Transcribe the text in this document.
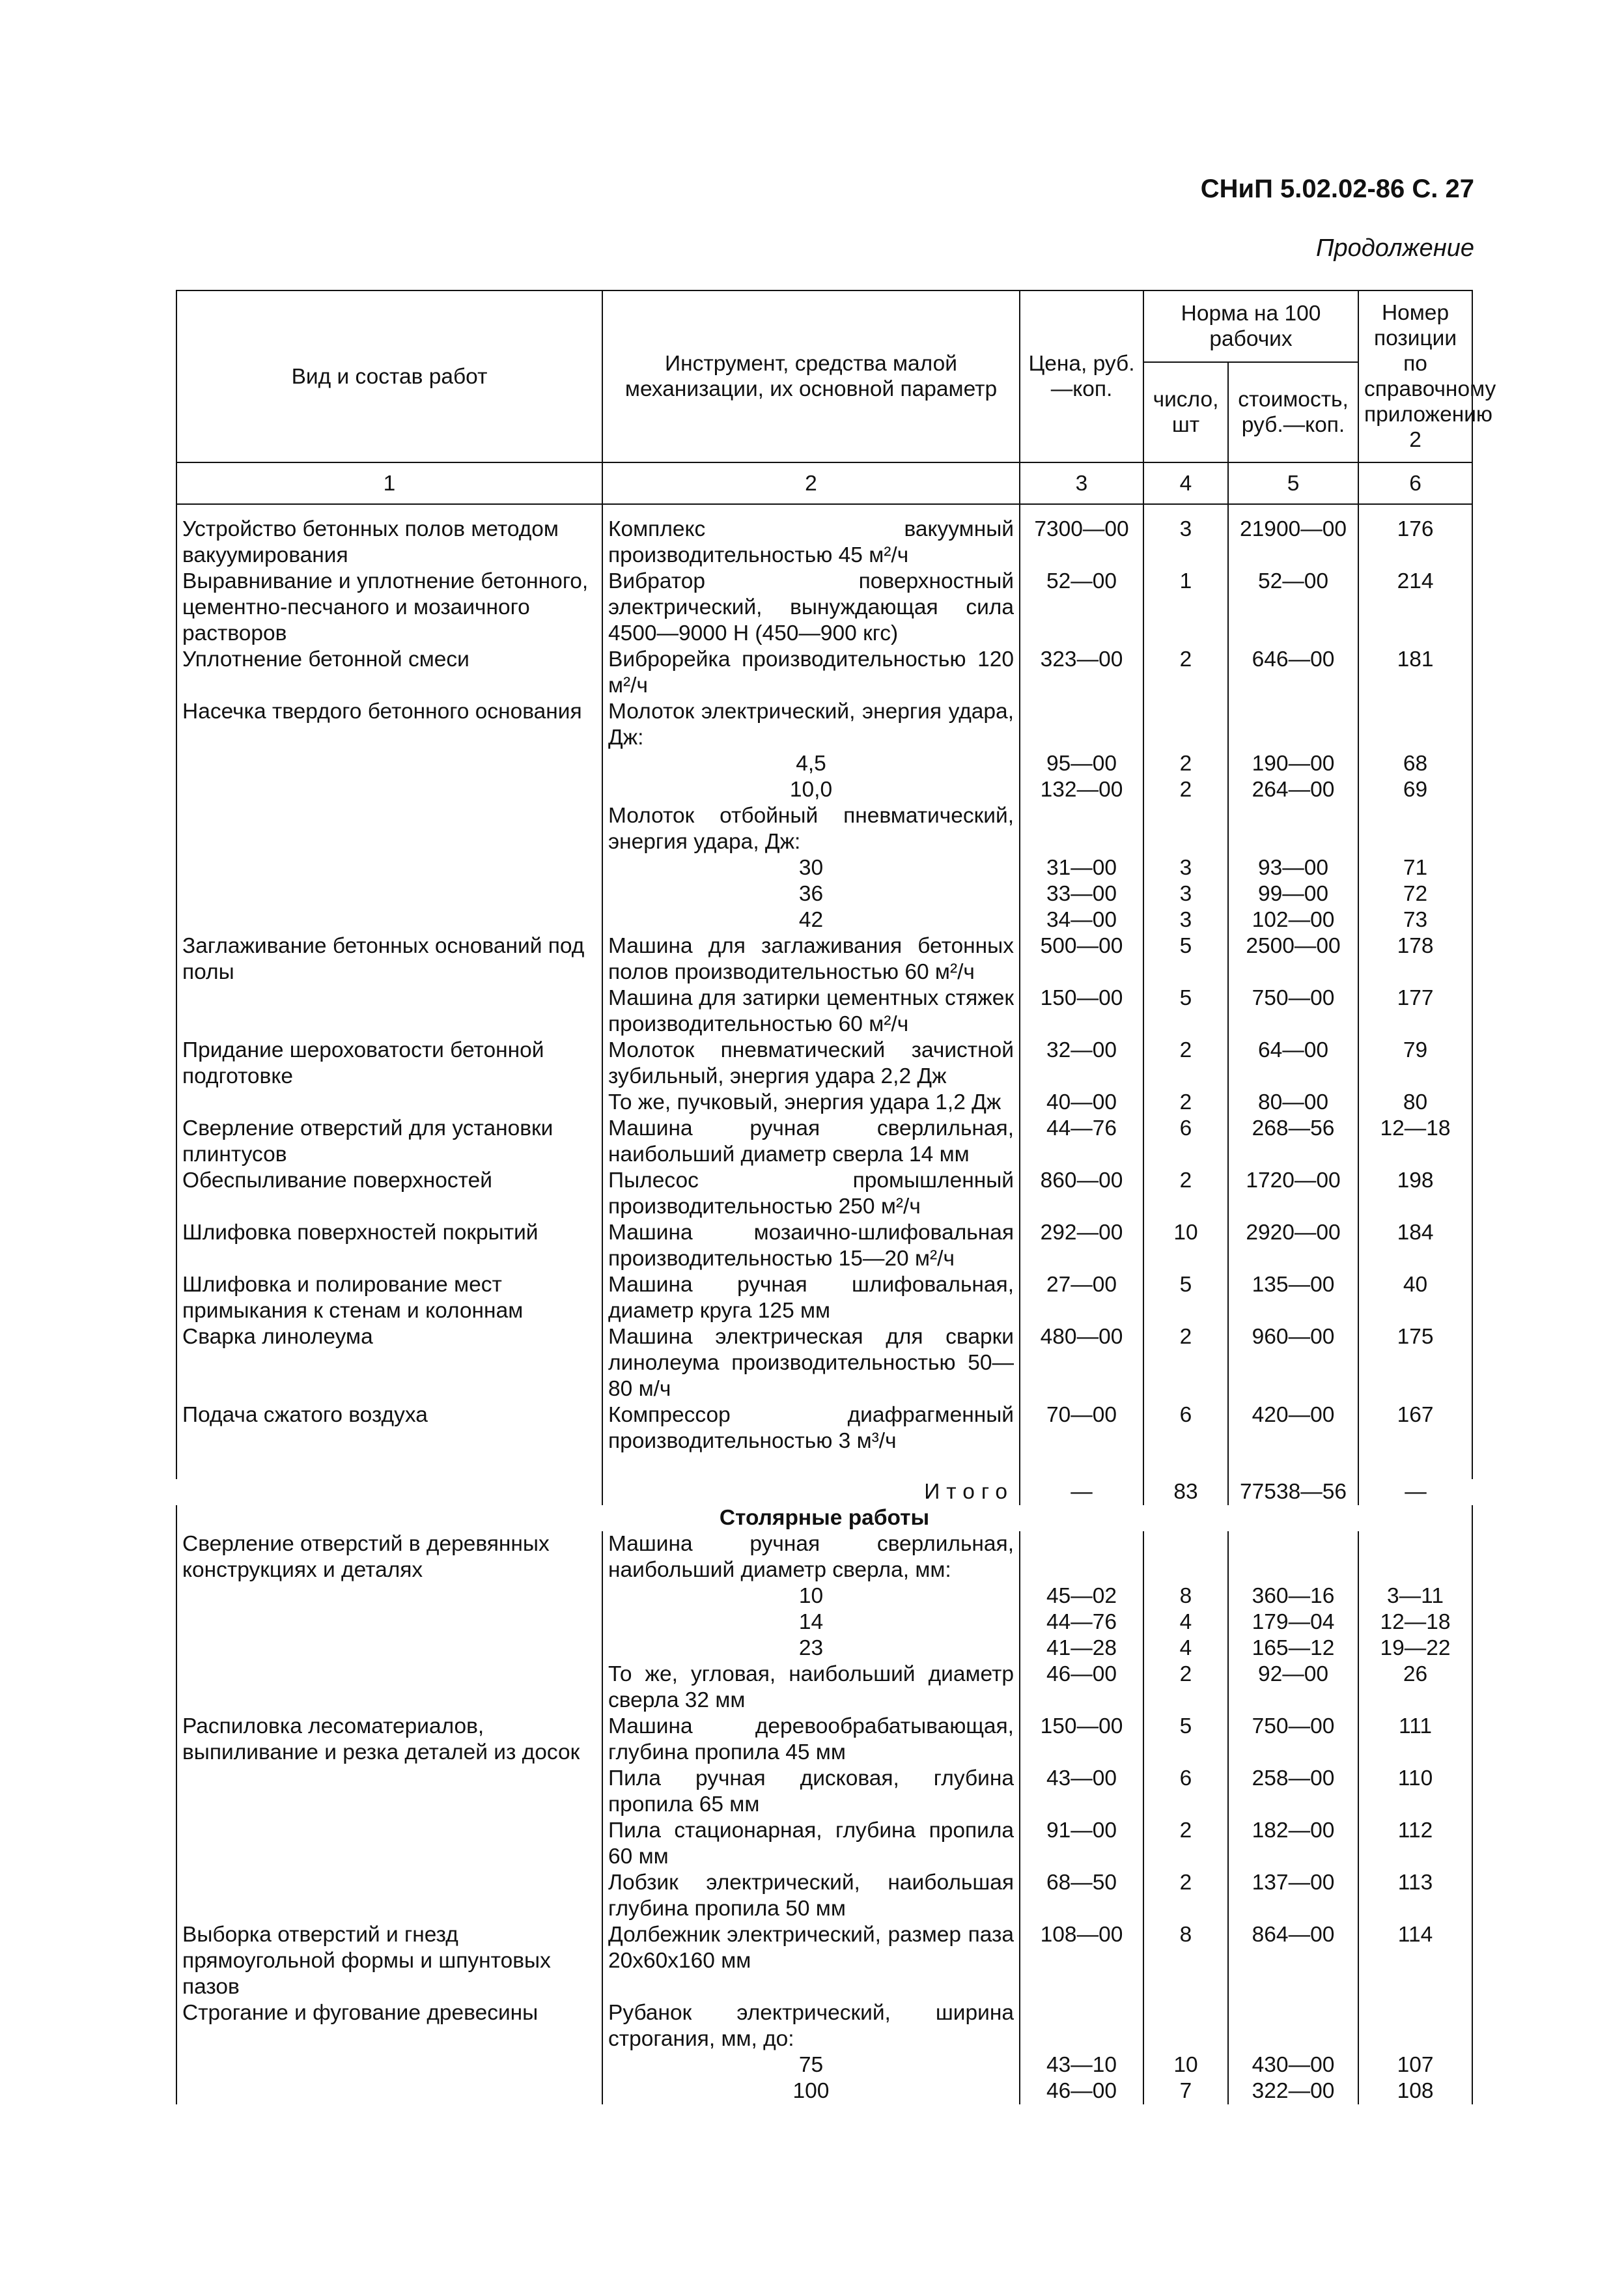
СНиП 5.02.02-86 С. 27
Продолжение
Вид и состав работ	Инструмент, средства малой механизации, их основной параметр	Цена, руб.—коп.	Норма на 100 рабочих		Номер позиции по справочному приложению 2
			число, шт	стоимость, руб.—коп.	
1	2	3	4	5	6

Устройство бетонных полов методом вакуумирования	Комплекс вакуумный производительностью 45 м²/ч	7300—00	3	21900—00	176
Выравнивание и уплотнение бетонного, цементно-песчаного и мозаичного растворов	Вибратор поверхностный электрический, вынуждающая сила 4500—9000 Н (450—900 кгс)	52—00	1	52—00	214
Уплотнение бетонной смеси	Виброрейка производительностью 120 м²/ч	323—00	2	646—00	181
Насечка твердого бетонного основания	Молоток электрический, энергия удара, Дж:				
	4,5	95—00	2	190—00	68
	10,0	132—00	2	264—00	69
	Молоток отбойный пневматический, энергия удара, Дж:				
	30	31—00	3	93—00	71
	36	33—00	3	99—00	72
	42	34—00	3	102—00	73
Заглаживание бетонных оснований под полы	Машина для заглаживания бетонных полов производительностью 60 м²/ч	500—00	5	2500—00	178
	Машина для затирки цементных стяжек производительностью 60 м²/ч	150—00	5	750—00	177
Придание шероховатости бетонной подготовке	Молоток пневматический зачистной зубильный, энергия удара 2,2 Дж	32—00	2	64—00	79
	То же, пучковый, энергия удара 1,2 Дж	40—00	2	80—00	80
Сверление отверстий для установки плинтусов	Машина ручная сверлильная, наибольший диаметр сверла 14 мм	44—76	6	268—56	12—18
Обеспыливание поверхностей	Пылесос промышленный производительностью 250 м²/ч	860—00	2	1720—00	198
Шлифовка поверхностей покрытий	Машина мозаично-шлифовальная производительностью 15—20 м²/ч	292—00	10	2920—00	184
Шлифовка и полирование мест примыкания к стенам и колоннам	Машина ручная шлифовальная, диаметр круга 125 мм	27—00	5	135—00	40
Сварка линолеума	Машина электрическая для сварки линолеума производительностью 50—80 м/ч	480—00	2	960—00	175
Подача сжатого воздуха	Компрессор диафрагменный производительностью 3 м³/ч	70—00	6	420—00	167

	Итого	—	83	77538—56	—
Столярные работы					
Сверление отверстий в деревянных конструкциях и деталях	Машина ручная сверлильная, наибольший диаметр сверла, мм:				
	10	45—02	8	360—16	3—11
	14	44—76	4	179—04	12—18
	23	41—28	4	165—12	19—22
	То же, угловая, наибольший диаметр сверла 32 мм	46—00	2	92—00	26
Распиловка лесоматериалов, выпиливание и резка деталей из досок	Машина деревообрабатывающая, глубина пропила 45 мм	150—00	5	750—00	111
	Пила ручная дисковая, глубина пропила 65 мм	43—00	6	258—00	110
	Пила стационарная, глубина пропила 60 мм	91—00	2	182—00	112
	Лобзик электрический, наибольшая глубина пропила 50 мм	68—50	2	137—00	113
Выборка отверстий и гнезд прямоугольной формы и шпунтовых пазов	Долбежник электрический, размер паза 20х60х160 мм	108—00	8	864—00	114
Строгание и фугование древесины	Рубанок электрический, ширина строгания, мм, до:				
	75	43—10	10	430—00	107
	100	46—00	7	322—00	108
